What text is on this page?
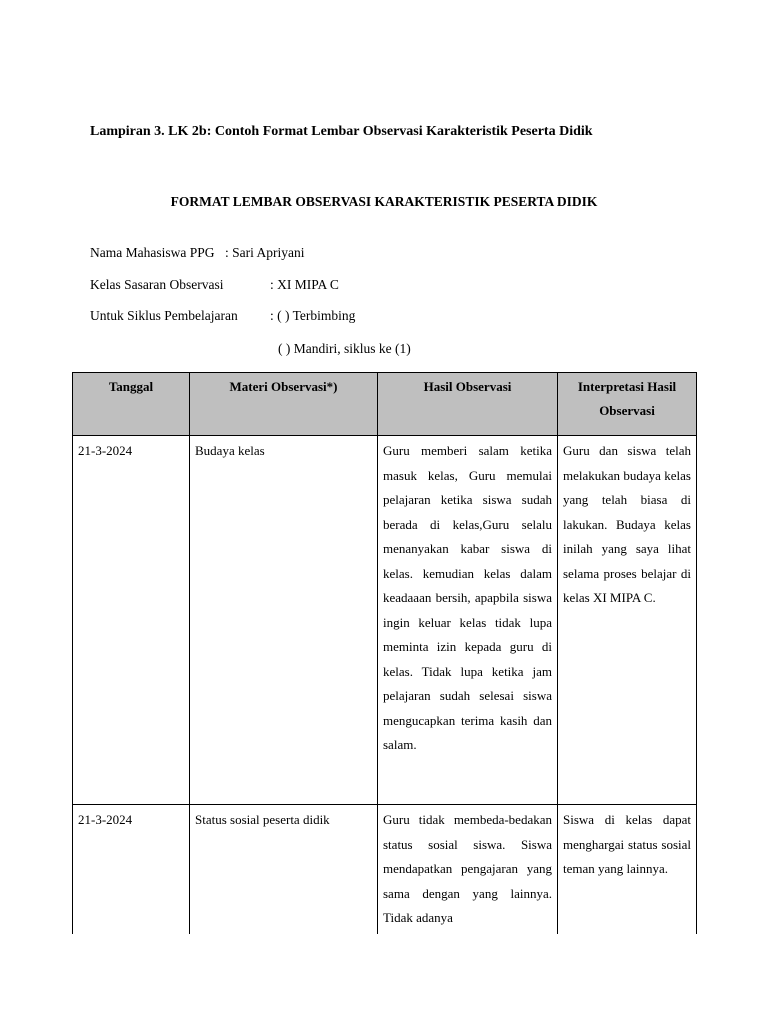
Lampiran 3. LK 2b: Contoh Format Lembar Observasi Karakteristik Peserta Didik
FORMAT LEMBAR OBSERVASI KARAKTERISTIK PESERTA DIDIK
Nama Mahasiswa PPG : Sari Apriyani
Kelas Sasaran Observasi	: XI MIPA C
Untuk Siklus Pembelajaran : ( ) Terbimbing
( ) Mandiri, siklus ke (1)
Tanggal	Materi Observasi*)	Hasil Observasi	Interpretasi Hasil Observasi
21-3-2024	Budaya kelas	Guru memberi salam ketika masuk kelas, Guru memulai pelajaran ketika siswa sudah berada di kelas,Guru selalu menanyakan kabar siswa di kelas. kemudian kelas dalam keadaaan bersih, apapbila siswa ingin keluar kelas tidak lupa meminta izin kepada guru di kelas. Tidak lupa ketika jam pelajaran sudah selesai siswa mengucapkan terima kasih dan salam.	Guru dan siswa telah melakukan budaya kelas yang telah biasa di lakukan. Budaya kelas inilah yang saya lihat selama proses belajar di kelas XI MIPA C.
21-3-2024	Status sosial peserta didik	Guru tidak membeda-bedakan status sosial siswa. Siswa mendapatkan pengajaran yang sama dengan yang lainnya. Tidak adanya	Siswa di kelas dapat menghargai status sosial teman yang lainnya.
